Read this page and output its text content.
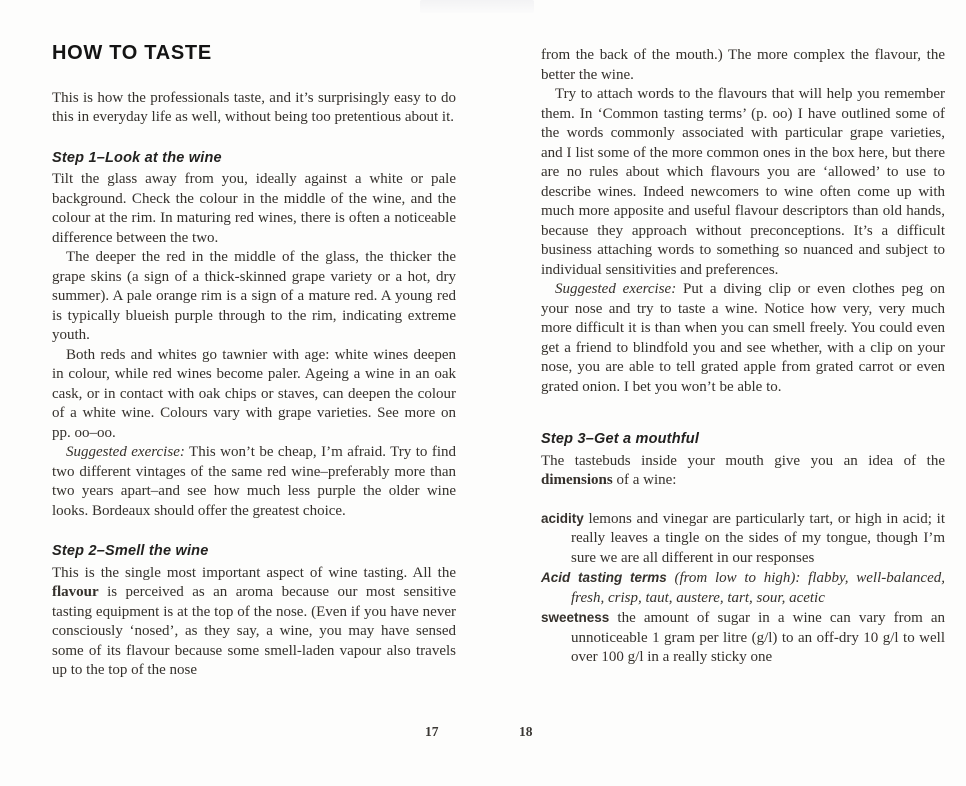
HOW TO TASTE

This is how the professionals taste, and it’s surprisingly easy to do this in everyday life as well, without being too pretentious about it.

Step 1–Look at the wine

Tilt the glass away from you, ideally against a white or pale background. Check the colour in the middle of the wine, and the colour at the rim. In maturing red wines, there is often a noticeable difference between the two.

The deeper the red in the middle of the glass, the thicker the grape skins (a sign of a thick-skinned grape variety or a hot, dry summer). A pale orange rim is a sign of a mature red. A young red is typically blueish purple through to the rim, indicating extreme youth.

Both reds and whites go tawnier with age: white wines deepen in colour, while red wines become paler. Ageing a wine in an oak cask, or in contact with oak chips or staves, can deepen the colour of a white wine. Colours vary with grape varieties. See more on pp. oo–oo.

Suggested exercise: This won’t be cheap, I’m afraid. Try to find two different vintages of the same red wine–preferably more than two years apart–and see how much less purple the older wine looks. Bordeaux should offer the greatest choice.

Step 2–Smell the wine

This is the single most important aspect of wine tasting. All the flavour is perceived as an aroma because our most sensitive tasting equipment is at the top of the nose. (Even if you have never consciously ‘nosed’, as they say, a wine, you may have sensed some of its flavour because some smell-laden vapour also travels up to the top of the nose

from the back of the mouth.) The more complex the flavour, the better the wine.

Try to attach words to the flavours that will help you remember them. In ‘Common tasting terms’ (p. oo) I have outlined some of the words commonly associated with particular grape varieties, and I list some of the more common ones in the box here, but there are no rules about which flavours you are ‘allowed’ to use to describe wines. Indeed newcomers to wine often come up with much more apposite and useful flavour descriptors than old hands, because they approach without preconceptions. It’s a difficult business attaching words to something so nuanced and subject to individual sensitivities and preferences.

Suggested exercise: Put a diving clip or even clothes peg on your nose and try to taste a wine. Notice how very, very much more difficult it is than when you can smell freely. You could even get a friend to blindfold you and see whether, with a clip on your nose, you are able to tell grated apple from grated carrot or even grated onion. I bet you won’t be able to.

Step 3–Get a mouthful

The tastebuds inside your mouth give you an idea of the dimensions of a wine:

acidity lemons and vinegar are particularly tart, or high in acid; it really leaves a tingle on the sides of my tongue, though I’m sure we are all different in our responses

Acid tasting terms (from low to high): flabby, well-balanced, fresh, crisp, taut, austere, tart, sour, acetic

sweetness the amount of sugar in a wine can vary from an unnoticeable 1 gram per litre (g/l) to an off-dry 10 g/l to well over 100 g/l in a really sticky one

17	18
